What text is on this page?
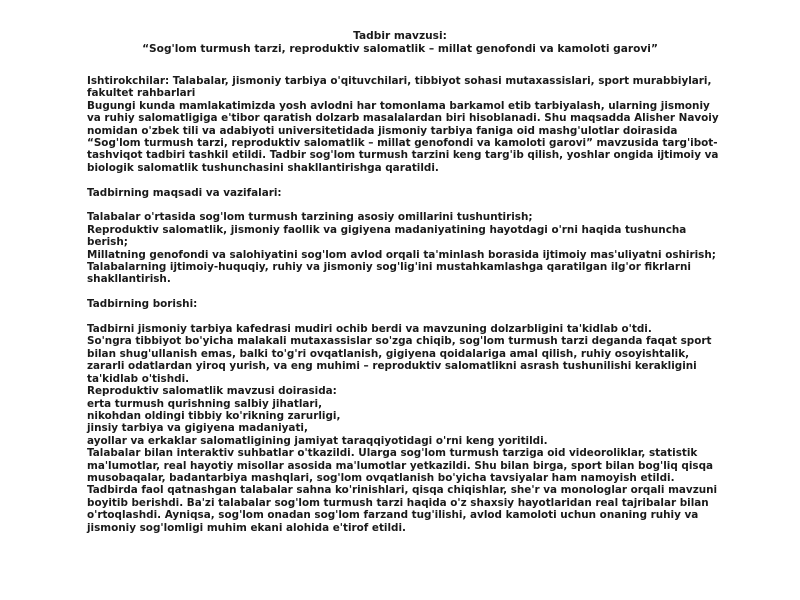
Tadbir mavzusi:
“Sog'lom turmush tarzi, reproduktiv salomatlik – millat genofondi va kamoloti garovi”

Ishtirokchilar: Talabalar, jismoniy tarbiya o'qituvchilari, tibbiyot sohasi mutaxassislari, sport murabbiylari, fakultet rahbarlari

Bugungi kunda mamlakatimizda yosh avlodni har tomonlama barkamol etib tarbiyalash, ularning jismoniy va ruhiy salomatligiga e'tibor qaratish dolzarb masalalardan biri hisoblanadi. Shu maqsadda Alisher Navoiy nomidan o'zbek tili va adabiyoti universitetidada jismoniy tarbiya faniga oid mashg'ulotlar doirasida “Sog'lom turmush tarzi, reproduktiv salomatlik – millat genofondi va kamoloti garovi” mavzusida targ'ibot-tashviqot tadbiri tashkil etildi. Tadbir sog'lom turmush tarzini keng targ'ib qilish, yoshlar ongida ijtimoiy va biologik salomatlik tushunchasini shakllantirishga qaratildi.

Tadbirning maqsadi va vazifalari:

Talabalar o'rtasida sog'lom turmush tarzining asosiy omillarini tushuntirish;

Reproduktiv salomatlik, jismoniy faollik va gigiyena madaniyatining hayotdagi o'rni haqida tushuncha berish;

Millatning genofondi va salohiyatini sog'lom avlod orqali ta'minlash borasida ijtimoiy mas'uliyatni oshirish;

Talabalarning ijtimoiy-huquqiy, ruhiy va jismoniy sog'lig'ini mustahkamlashga qaratilgan ilg'or fikrlarni shakllantirish.

Tadbirning borishi:

Tadbirni jismoniy tarbiya kafedrasi mudiri ochib berdi va mavzuning dolzarbligini ta'kidlab o'tdi.

So'ngra tibbiyot bo'yicha malakali mutaxassislar so'zga chiqib, sog'lom turmush tarzi deganda faqat sport bilan shug'ullanish emas, balki to'g'ri ovqatlanish, gigiyena qoidalariga amal qilish, ruhiy osoyishtalik, zararli odatlardan yiroq yurish, va eng muhimi – reproduktiv salomatlikni asrash tushunilishi kerakligini ta'kidlab o'tishdi.

Reproduktiv salomatlik mavzusi doirasida:

erta turmush qurishning salbiy jihatlari,

nikohdan oldingi tibbiy ko'rikning zarurligi,

jinsiy tarbiya va gigiyena madaniyati,

ayollar va erkaklar salomatligining jamiyat taraqqiyotidagi o'rni keng yoritildi.

Talabalar bilan interaktiv suhbatlar o'tkazildi. Ularga sog'lom turmush tarziga oid videoroliklar, statistik ma'lumotlar, real hayotiy misollar asosida ma'lumotlar yetkazildi. Shu bilan birga, sport bilan bog'liq qisqa musobaqalar, badantarbiya mashqlari, sog'lom ovqatlanish bo'yicha tavsiyalar ham namoyish etildi.

Tadbirda faol qatnashgan talabalar sahna ko'rinishlari, qisqa chiqishlar, she'r va monologlar orqali mavzuni boyitib berishdi. Ba'zi talabalar sog'lom turmush tarzi haqida o'z shaxsiy hayotlaridan real tajribalar bilan o'rtoqlashdi. Ayniqsa, sog'lom onadan sog'lom farzand tug'ilishi, avlod kamoloti uchun onaning ruhiy va jismoniy sog'lomligi muhim ekani alohida e'tirof etildi.
